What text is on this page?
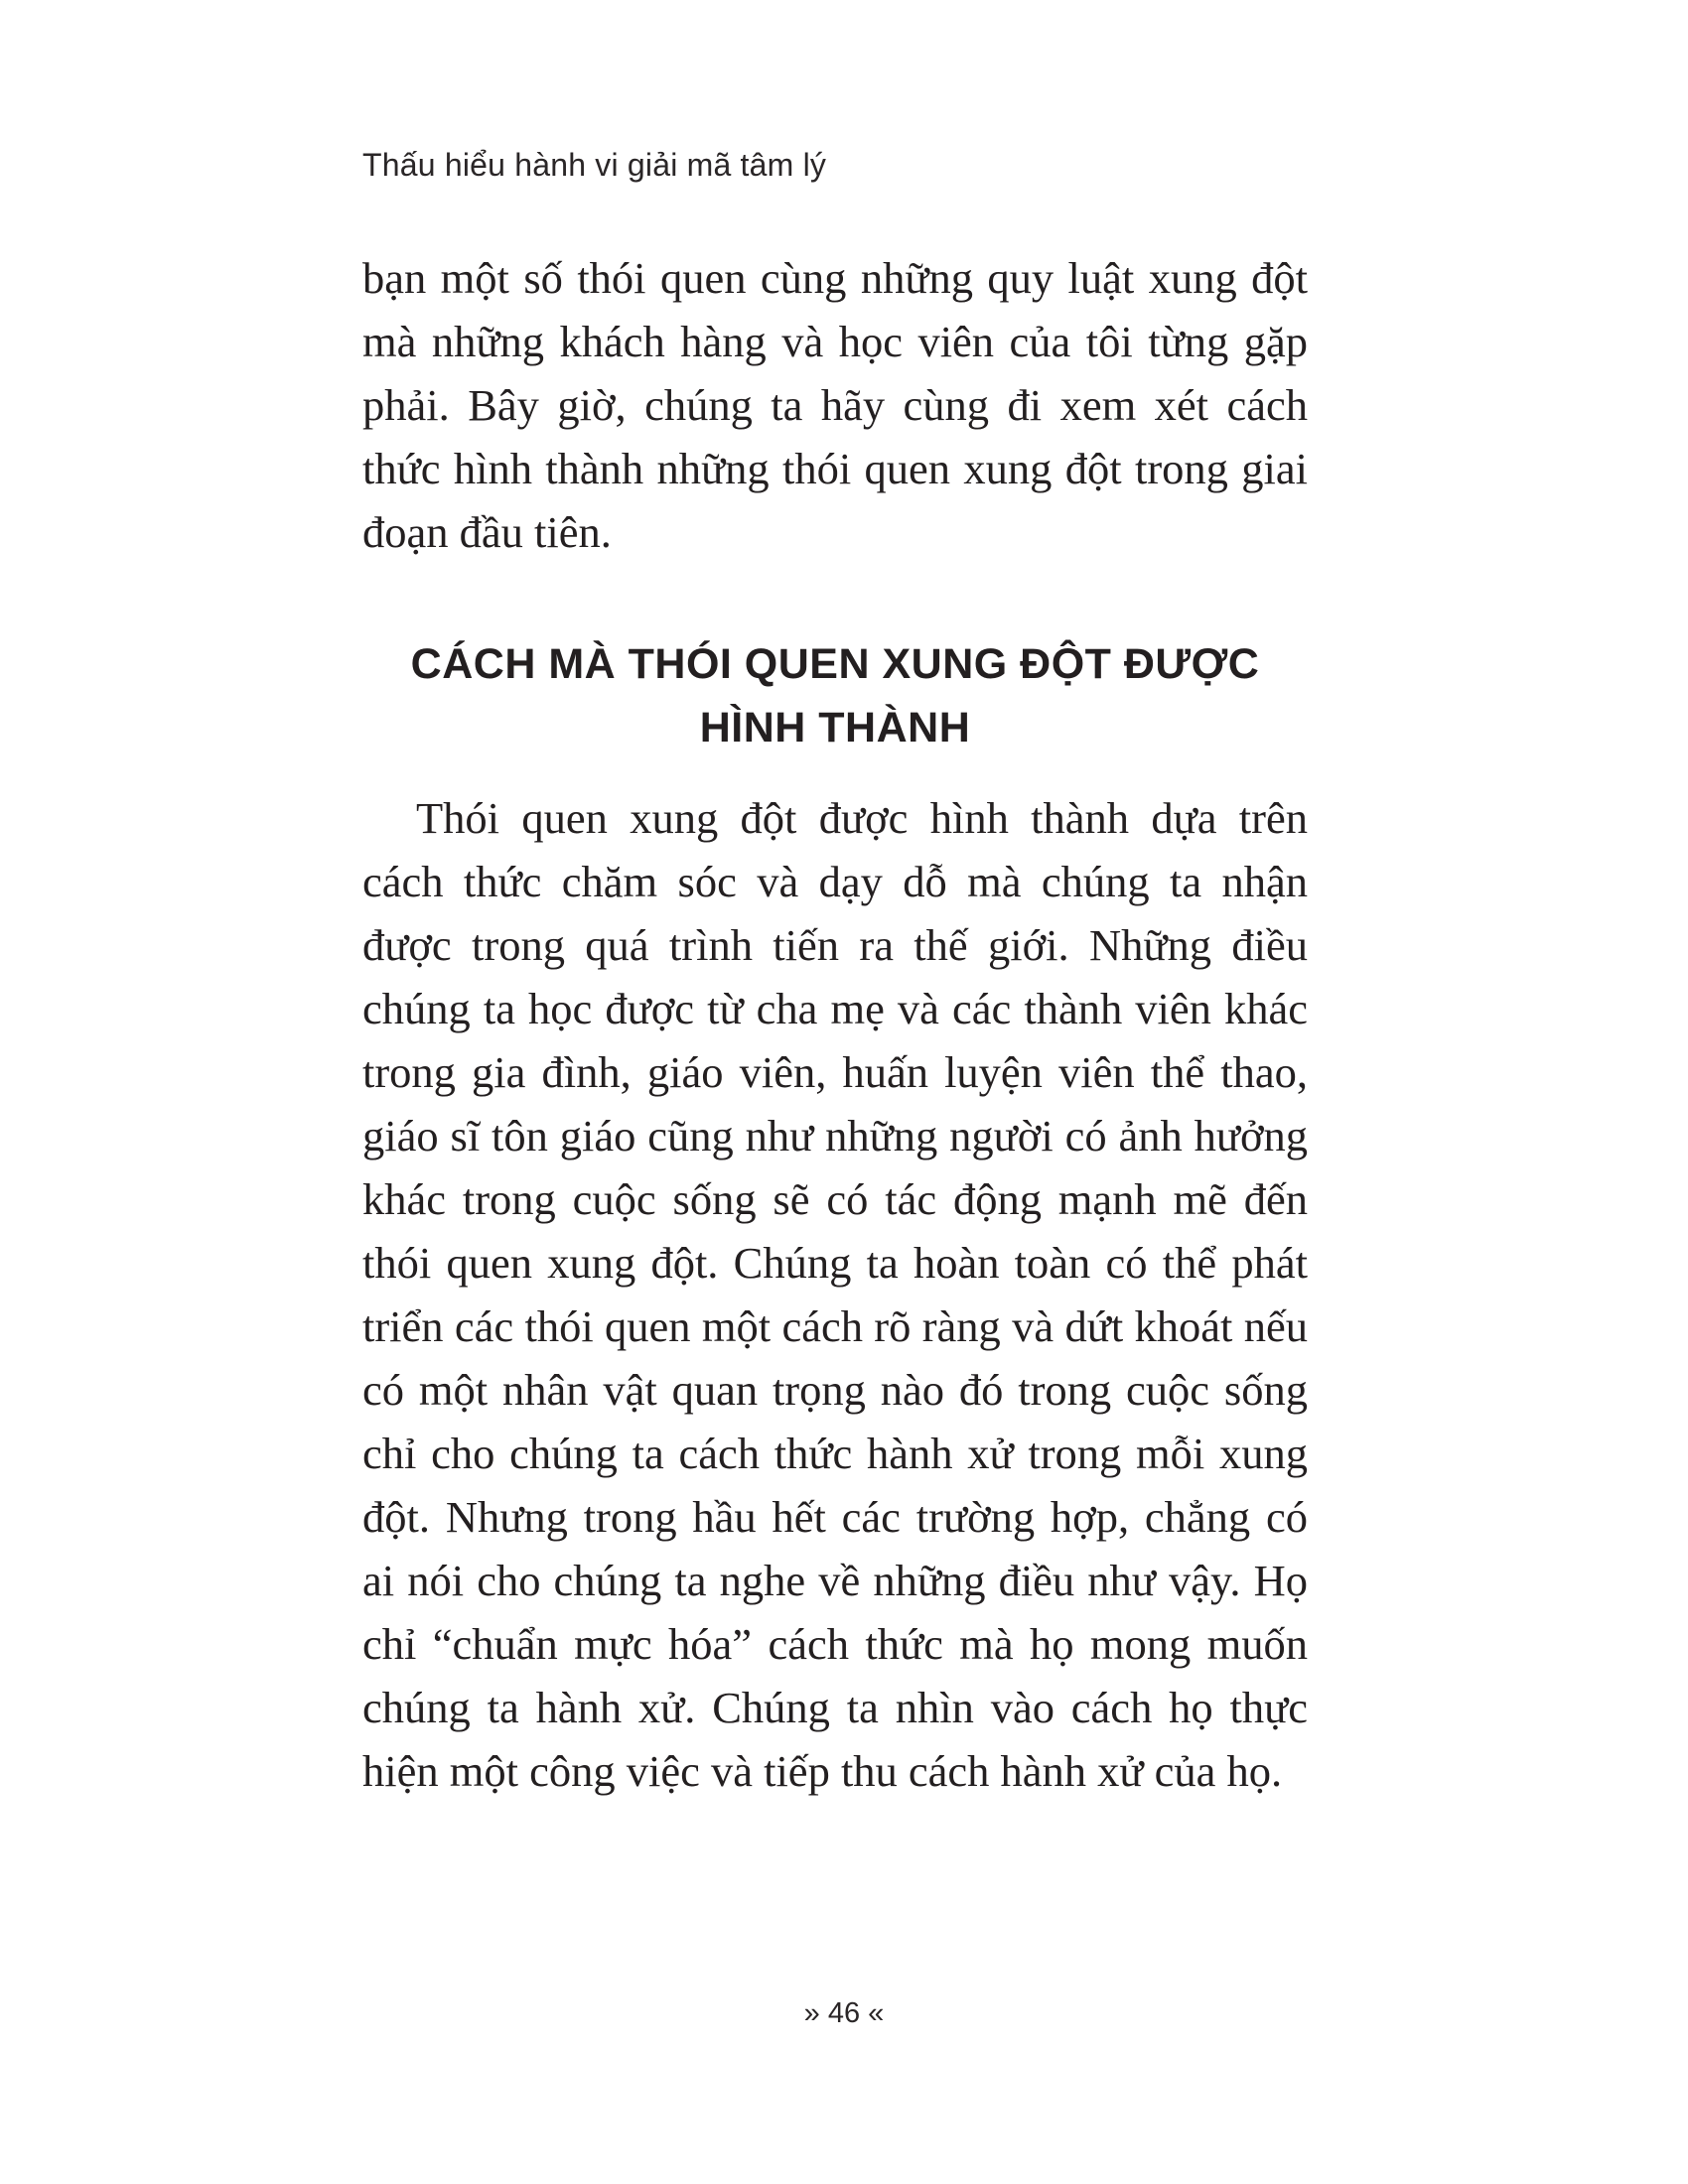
Thấu hiểu hành vi giải mã tâm lý

bạn một số thói quen cùng những quy luật xung đột mà những khách hàng và học viên của tôi từng gặp phải. Bây giờ, chúng ta hãy cùng đi xem xét cách thức hình thành những thói quen xung đột trong giai đoạn đầu tiên.

CÁCH MÀ THÓI QUEN XUNG ĐỘT ĐƯỢC
HÌNH THÀNH

Thói quen xung đột được hình thành dựa trên cách thức chăm sóc và dạy dỗ mà chúng ta nhận được trong quá trình tiến ra thế giới. Những điều chúng ta học được từ cha mẹ và các thành viên khác trong gia đình, giáo viên, huấn luyện viên thể thao, giáo sĩ tôn giáo cũng như những người có ảnh hưởng khác trong cuộc sống sẽ có tác động mạnh mẽ đến thói quen xung đột. Chúng ta hoàn toàn có thể phát triển các thói quen một cách rõ ràng và dứt khoát nếu có một nhân vật quan trọng nào đó trong cuộc sống chỉ cho chúng ta cách thức hành xử trong mỗi xung đột. Nhưng trong hầu hết các trường hợp, chẳng có ai nói cho chúng ta nghe về những điều như vậy. Họ chỉ “chuẩn mực hóa” cách thức mà họ mong muốn chúng ta hành xử. Chúng ta nhìn vào cách họ thực hiện một công việc và tiếp thu cách hành xử của họ.

» 46 «
